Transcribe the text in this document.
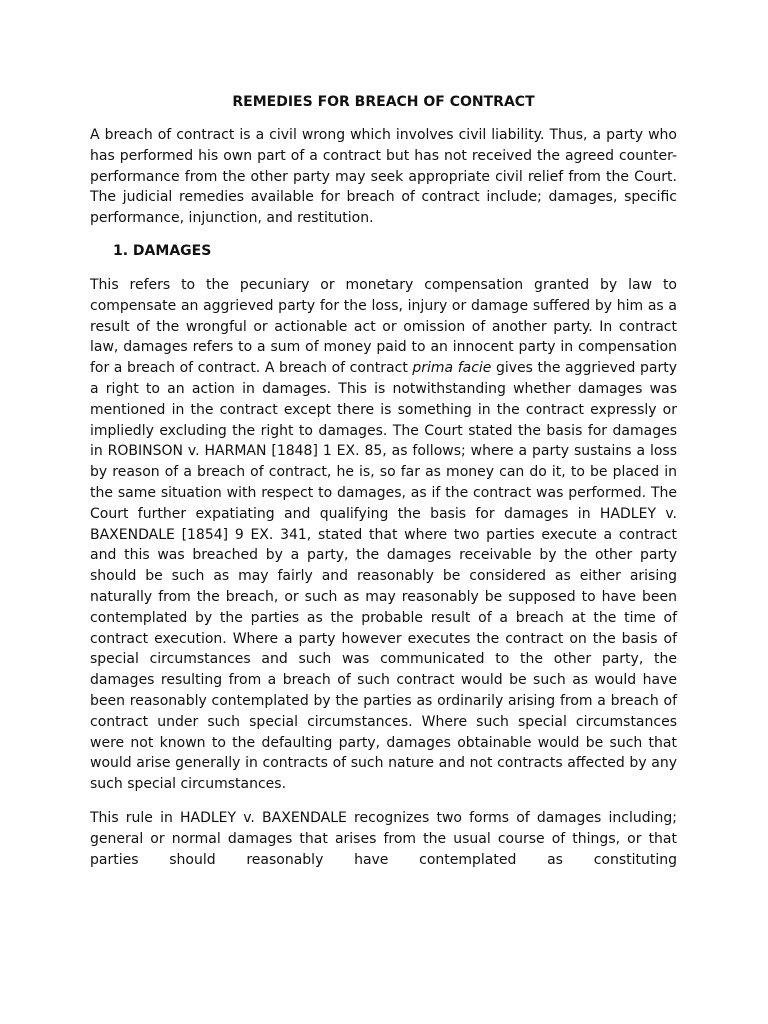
REMEDIES FOR BREACH OF CONTRACT

A breach of contract is a civil wrong which involves civil liability. Thus, a party who has performed his own part of a contract but has not received the agreed counter-performance from the other party may seek appropriate civil relief from the Court. The judicial remedies available for breach of contract include; damages, specific performance, injunction, and restitution.

1. DAMAGES

This refers to the pecuniary or monetary compensation granted by law to compensate an aggrieved party for the loss, injury or damage suffered by him as a result of the wrongful or actionable act or omission of another party. In contract law, damages refers to a sum of money paid to an innocent party in compensation for a breach of contract. A breach of contract prima facie gives the aggrieved party a right to an action in damages. This is notwithstanding whether damages was mentioned in the contract except there is something in the contract expressly or impliedly excluding the right to damages. The Court stated the basis for damages in ROBINSON v. HARMAN [1848] 1 EX. 85, as follows; where a party sustains a loss by reason of a breach of contract, he is, so far as money can do it, to be placed in the same situation with respect to damages, as if the contract was performed. The Court further expatiating and qualifying the basis for damages in HADLEY v. BAXENDALE [1854] 9 EX. 341, stated that where two parties execute a contract and this was breached by a party, the damages receivable by the other party should be such as may fairly and reasonably be considered as either arising naturally from the breach, or such as may reasonably be supposed to have been contemplated by the parties as the probable result of a breach at the time of contract execution. Where a party however executes the contract on the basis of special circumstances and such was communicated to the other party, the damages resulting from a breach of such contract would be such as would have been reasonably contemplated by the parties as ordinarily arising from a breach of contract under such special circumstances. Where such special circumstances were not known to the defaulting party, damages obtainable would be such that would arise generally in contracts of such nature and not contracts affected by any such special circumstances.

This rule in HADLEY v. BAXENDALE recognizes two forms of damages including; general or normal damages that arises from the usual course of things, or that parties should reasonably have contemplated as constituting
